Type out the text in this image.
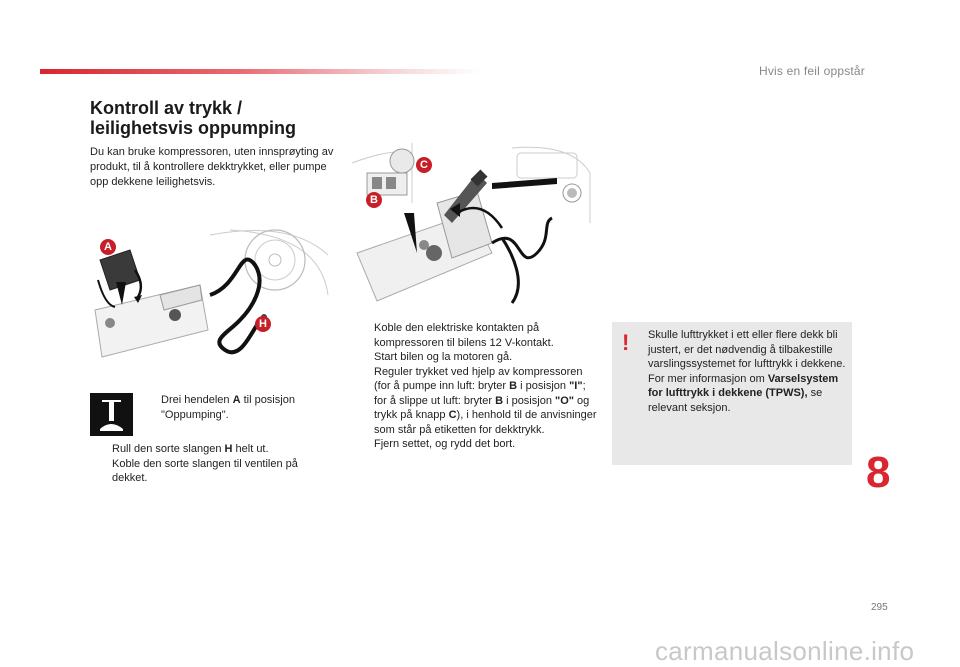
Hvis en feil oppstår
Kontroll av trykk /
leilighetsvis oppumping
Du kan bruke kompressoren, uten innsprøyting av produkt, til å kontrollere dekktrykket, eller pumpe opp dekkene leilighetsvis.
A
H
C
B
Drei hendelen A til posisjon "Oppumping".
Rull den sorte slangen H helt ut.
Koble den sorte slangen til ventilen på dekket.
Koble den elektriske kontakten på kompressoren til bilens 12 V-kontakt.
Start bilen og la motoren gå.
Reguler trykket ved hjelp av kompressoren (for å pumpe inn luft: bryter B i posisjon "I"; for å slippe ut luft: bryter B i posisjon "O" og trykk på knapp C), i henhold til de anvisninger som står på etiketten for dekktrykk.
Fjern settet, og rydd det bort.
! Skulle lufttrykket i ett eller flere dekk bli justert, er det nødvendig å tilbakestille varslingssystemet for lufttrykk i dekkene.
For mer informasjon om Varselsystem for lufttrykk i dekkene (TPWS), se relevant seksjon.
8
295
carmanualsonline.info
